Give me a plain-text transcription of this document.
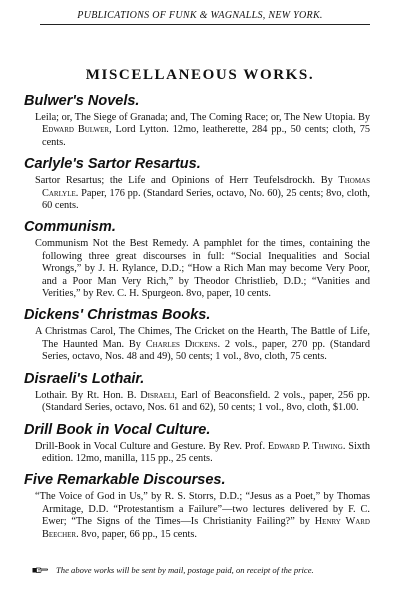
PUBLICATIONS OF FUNK & WAGNALLS, NEW YORK.
MISCELLANEOUS WORKS.
Bulwer's Novels.
Leila; or, The Siege of Granada; and, The Coming Race; or, The New Utopia. By Edward Bulwer, Lord Lytton. 12mo, leatherette, 284 pp., 50 cents; cloth, 75 cents.
Carlyle's Sartor Resartus.
Sartor Resartus; the Life and Opinions of Herr Teufelsdrockh. By Thomas Carlyle. Paper, 176 pp. (Standard Series, octavo, No. 60), 25 cents; 8vo, cloth, 60 cents.
Communism.
Communism Not the Best Remedy. A pamphlet for the times, containing the following three great discourses in full: “Social Inequalities and Social Wrongs,” by J. H. Rylance, D.D.; “How a Rich Man may become Very Poor, and a Poor Man Very Rich,” by Theodor Christlieb, D.D.; “Vanities and Verities,” by Rev. C. H. Spurgeon. 8vo, paper, 10 cents.
Dickens' Christmas Books.
A Christmas Carol, The Chimes, The Cricket on the Hearth, The Battle of Life, The Haunted Man. By Charles Dickens. 2 vols., paper, 270 pp. (Standard Series, octavo, Nos. 48 and 49), 50 cents; 1 vol., 8vo, cloth, 75 cents.
Disraeli's Lothair.
Lothair. By Rt. Hon. B. Disraeli, Earl of Beaconsfield. 2 vols., paper, 256 pp. (Standard Series, octavo, Nos. 61 and 62), 50 cents; 1 vol., 8vo, cloth, $1.00.
Drill Book in Vocal Culture.
Drill-Book in Vocal Culture and Gesture. By Rev. Prof. Edward P. Thwing. Sixth edition. 12mo, manilla, 115 pp., 25 cents.
Five Remarkable Discourses.
“The Voice of God in Us,” by R. S. Storrs, D.D.; “Jesus as a Poet,” by Thomas Armitage, D.D. “Protestantism a Failure”—two lectures delivered by F. C. Ewer; “The Signs of the Times—Is Christianity Failing?” by Henry Ward Beecher. 8vo, paper, 66 pp., 15 cents.
The above works will be sent by mail, postage paid, on receipt of the price.
